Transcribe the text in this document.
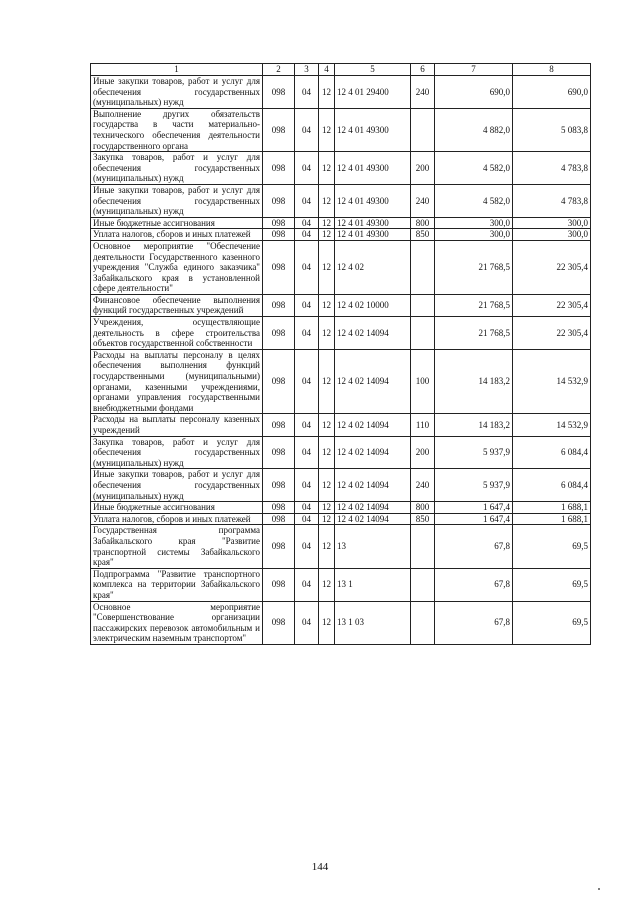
1	2	3	4	5	6	7	8
Иные закупки товаров, работ и услуг для обеспечения государственных (муниципальных) нужд	098	04	12	12 4 01 29400	240	690,0	690,0
Выполнение других обязательств государства в части материально-технического обеспечения деятельности государственного органа	098	04	12	12 4 01 49300		4 882,0	5 083,8
Закупка товаров, работ и услуг для обеспечения государственных (муниципальных) нужд	098	04	12	12 4 01 49300	200	4 582,0	4 783,8
Иные закупки товаров, работ и услуг для обеспечения государственных (муниципальных) нужд	098	04	12	12 4 01 49300	240	4 582,0	4 783,8
Иные бюджетные ассигнования	098	04	12	12 4 01 49300	800	300,0	300,0
Уплата налогов, сборов и иных платежей	098	04	12	12 4 01 49300	850	300,0	300,0
Основное мероприятие "Обеспечение деятельности Государственного казенного учреждения "Служба единого заказчика" Забайкальского края в установленной сфере деятельности"	098	04	12	12 4 02		21 768,5	22 305,4
Финансовое обеспечение выполнения функций государственных учреждений	098	04	12	12 4 02 10000		21 768,5	22 305,4
Учреждения, осуществляющие деятельность в сфере строительства объектов государственной собственности	098	04	12	12 4 02 14094		21 768,5	22 305,4
Расходы на выплаты персоналу в целях обеспечения выполнения функций государственными (муниципальными) органами, казенными учреждениями, органами управления государственными внебюджетными фондами	098	04	12	12 4 02 14094	100	14 183,2	14 532,9
Расходы на выплаты персоналу казенных учреждений	098	04	12	12 4 02 14094	110	14 183,2	14 532,9
Закупка товаров, работ и услуг для обеспечения государственных (муниципальных) нужд	098	04	12	12 4 02 14094	200	5 937,9	6 084,4
Иные закупки товаров, работ и услуг для обеспечения государственных (муниципальных) нужд	098	04	12	12 4 02 14094	240	5 937,9	6 084,4
Иные бюджетные ассигнования	098	04	12	12 4 02 14094	800	1 647,4	1 688,1
Уплата налогов, сборов и иных платежей	098	04	12	12 4 02 14094	850	1 647,4	1 688,1
Государственная программа Забайкальского края "Развитие транспортной системы Забайкальского края"	098	04	12	13		67,8	69,5
Подпрограмма "Развитие транспортного комплекса на территории Забайкальского края"	098	04	12	13 1		67,8	69,5
Основное мероприятие "Совершенствование организации пассажирских перевозок автомобильным и электрическим наземным транспортом"	098	04	12	13 1 03		67,8	69,5
144
